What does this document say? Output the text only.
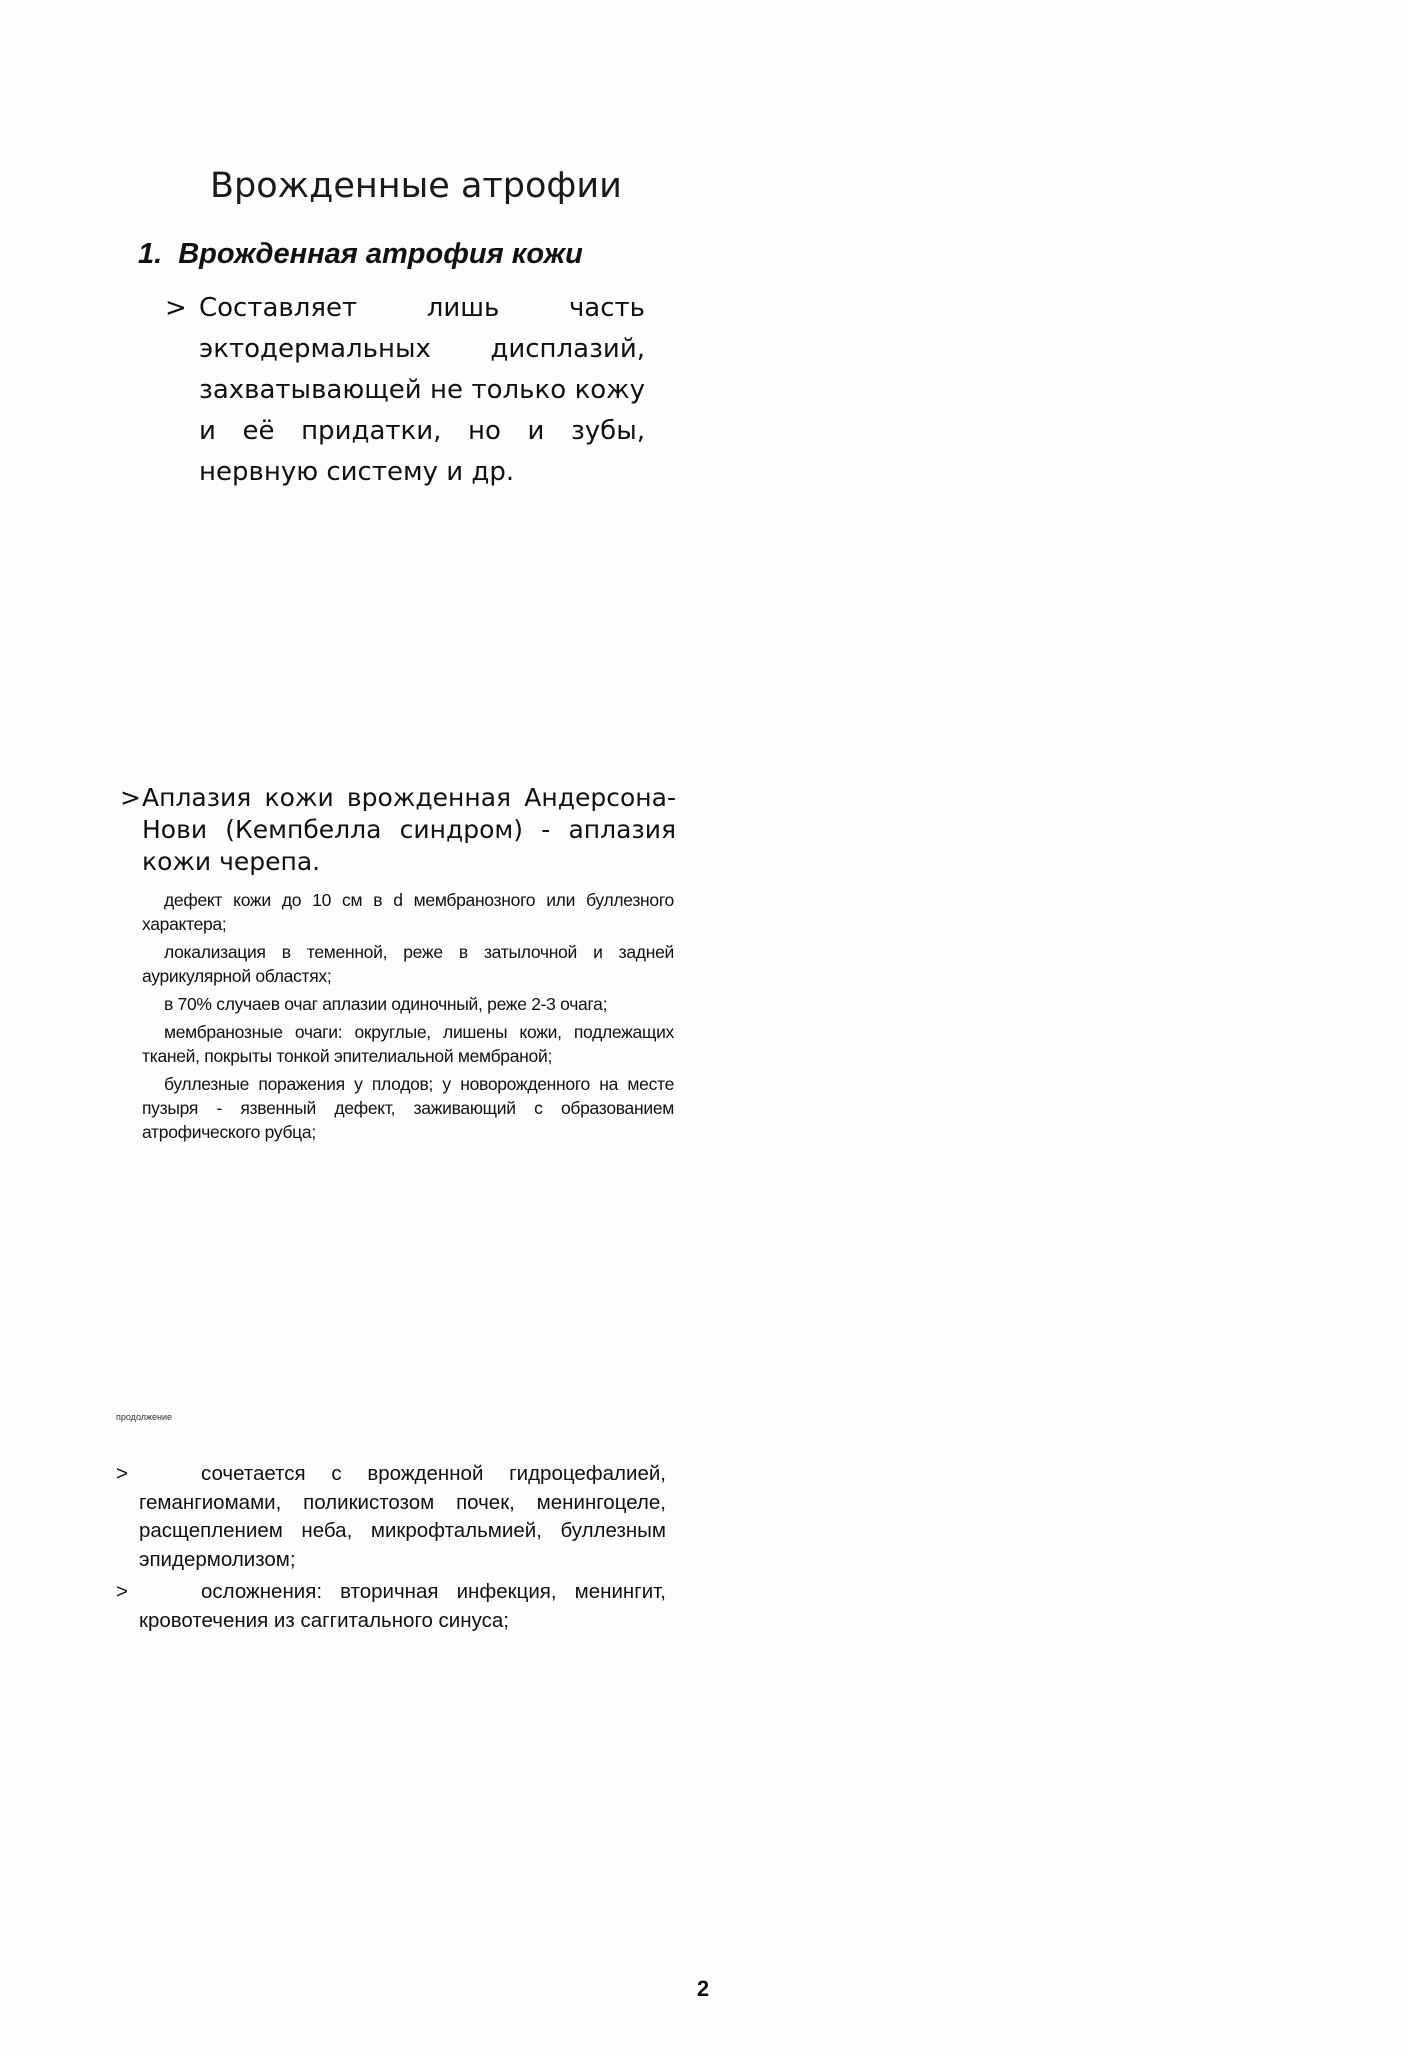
Врожденные атрофии
1. Врожденная атрофия кожи
> Составляет лишь часть эктодермальных дисплазий, захватывающей не только кожу и её придатки, но и зубы, нервную систему и др.

> Аплазия кожи врожденная Андерсона-Нови (Кемпбелла синдром) - аплазия кожи черепа.

дефект кожи до 10 см в d мембранозного или буллезного характера;

локализация в теменной, реже в затылочной и задней аурикулярной областях;

в 70% случаев очаг аплазии одиночный, реже 2-3 очага;

мембранозные очаги: округлые, лишены кожи, подлежащих тканей, покрыты тонкой эпителиальной мембраной;

буллезные поражения у плодов; у новорожденного на месте пузыря - язвенный дефект, заживающий с образованием атрофического рубца;

продолжение
>	сочетается с врожденной гидроцефалией, гемангиомами, поликистозом почек, менингоцеле, расщеплением неба, микрофтальмией, буллезным эпидермолизом;

>	осложнения: вторичная инфекция, менингит, кровотечения из саггитального синуса;

2
